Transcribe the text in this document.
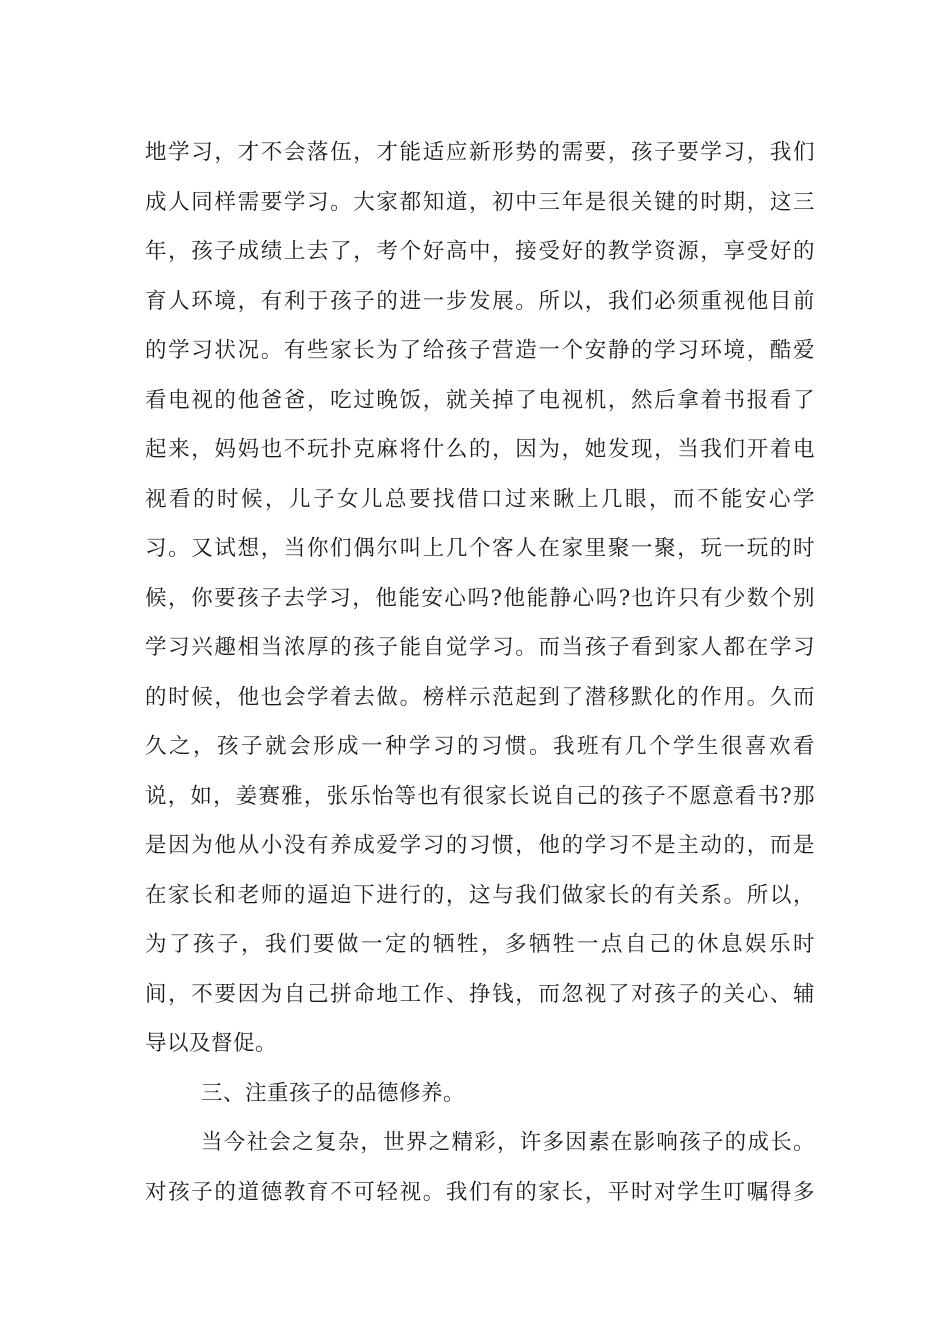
地学习，才不会落伍，才能适应新形势的需要，孩子要学习，我们
成人同样需要学习。大家都知道，初中三年是很关键的时期，这三
年，孩子成绩上去了，考个好高中，接受好的教学资源，享受好的
育人环境，有利于孩子的进一步发展。所以，我们必须重视他目前
的学习状况。有些家长为了给孩子营造一个安静的学习环境，酷爱
看电视的他爸爸，吃过晚饭，就关掉了电视机，然后拿着书报看了
起来，妈妈也不玩扑克麻将什么的，因为，她发现，当我们开着电
视看的时候，儿子女儿总要找借口过来瞅上几眼，而不能安心学
习。又试想，当你们偶尔叫上几个客人在家里聚一聚，玩一玩的时
候，你要孩子去学习，他能安心吗?他能静心吗?也许只有少数个别
学习兴趣相当浓厚的孩子能自觉学习。而当孩子看到家人都在学习
的时候，他也会学着去做。榜样示范起到了潜移默化的作用。久而
久之，孩子就会形成一种学习的习惯。我班有几个学生很喜欢看
说，如，姜赛雅，张乐怡等也有很家长说自己的孩子不愿意看书?那
是因为他从小没有养成爱学习的习惯，他的学习不是主动的，而是
在家长和老师的逼迫下进行的，这与我们做家长的有关系。所以，
为了孩子，我们要做一定的牺牲，多牺牲一点自己的休息娱乐时
间，不要因为自己拼命地工作、挣钱，而忽视了对孩子的关心、辅
导以及督促。
三、注重孩子的品德修养。
当今社会之复杂，世界之精彩，许多因素在影响孩子的成长。
对孩子的道德教育不可轻视。我们有的家长，平时对学生叮嘱得多
